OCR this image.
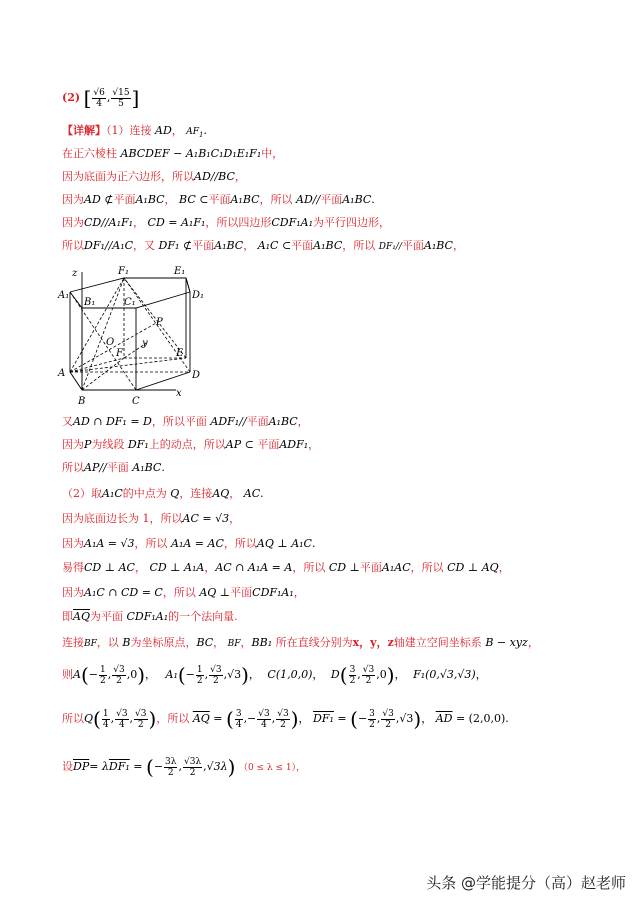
(2) [ $\frac{√6}{4}$ , $\frac{√15}{5}$ ]
【详解】（1）连接 AD， $AF_1$.
在正六棱柱 ABCDEF − A₁B₁C₁D₁E₁F₁中，
因为底面为正六边形，所以AD//BC，
因为AD ⊄平面A₁BC， BC ⊂平面A₁BC，所以 AD//平面A₁BC.
因为CD//A₁F₁， CD = A₁F₁，所以四边形CDF₁A₁为平行四边形，
所以DF₁//A₁C，又 DF₁ ⊄平面A₁BC， A₁C ⊂平面A₁BC，所以 DF₁//平面A₁BC，
z	F₁	E₁
A₁
B₁	C₁
D₁
P
O	y
F	E
A	D
B	C
x
又AD ∩ DF₁ = D，所以平面 ADF₁//平面A₁BC，
因为P为线段 DF₁上的动点，所以AP ⊂ 平面ADF₁，
所以AP//平面 A₁BC.
（2）取A₁C的中点为 Q，连接AQ， AC.
因为底面边长为 1，所以AC = √3，
因为A₁A = √3，所以 A₁A = AC，所以AQ ⊥ A₁C.
易得CD ⊥ AC， CD ⊥ A₁A，AC ∩ A₁A = A，所以 CD ⊥平面A₁AC，所以 CD ⊥ AQ，
因为A₁C ∩ CD = C，所以 AQ ⊥平面CDF₁A₁，
即$\overline{AQ}$为平面 CDF₁A₁的一个法向量.
连接BF，以 B为坐标原点，BC， BF，BB₁ 所在直线分别为x，y，z轴建立空间坐标系 B − xyz，
则$A(- \frac{1}{2}$ , $\frac{√3}{2} ,0$)， $A_1(- \frac{1}{2}$ , $\frac{√3}{2} ,√3$)， C(1,0,0)， $D( \frac{3}{2}$ , $\frac{√3}{2} ,0$)， F₁(0,√3,√3)，
所以$Q( \frac{1}{4}$ , $\frac{√3}{4}$ , $\frac{√3}{2}$ )，所以 $\overline{AQ}$ = ( $\frac{3}{4}$ ,− $\frac{√3}{4}$ , $\frac{√3}{2}$ )， DF₁ = (− $\frac{3}{2}$ , $\frac{√3}{2} ,√3$)， $\overline{AD} = (2,0,0)$.
设$\overline{DP}= \lambda DF_1$ = (− $\frac{3\lambda}{2}$ , $\frac{√3\lambda}{2} ,√3\lambda$) （0 ≤ λ ≤ 1），
头条 @学能提分（高）赵老师
